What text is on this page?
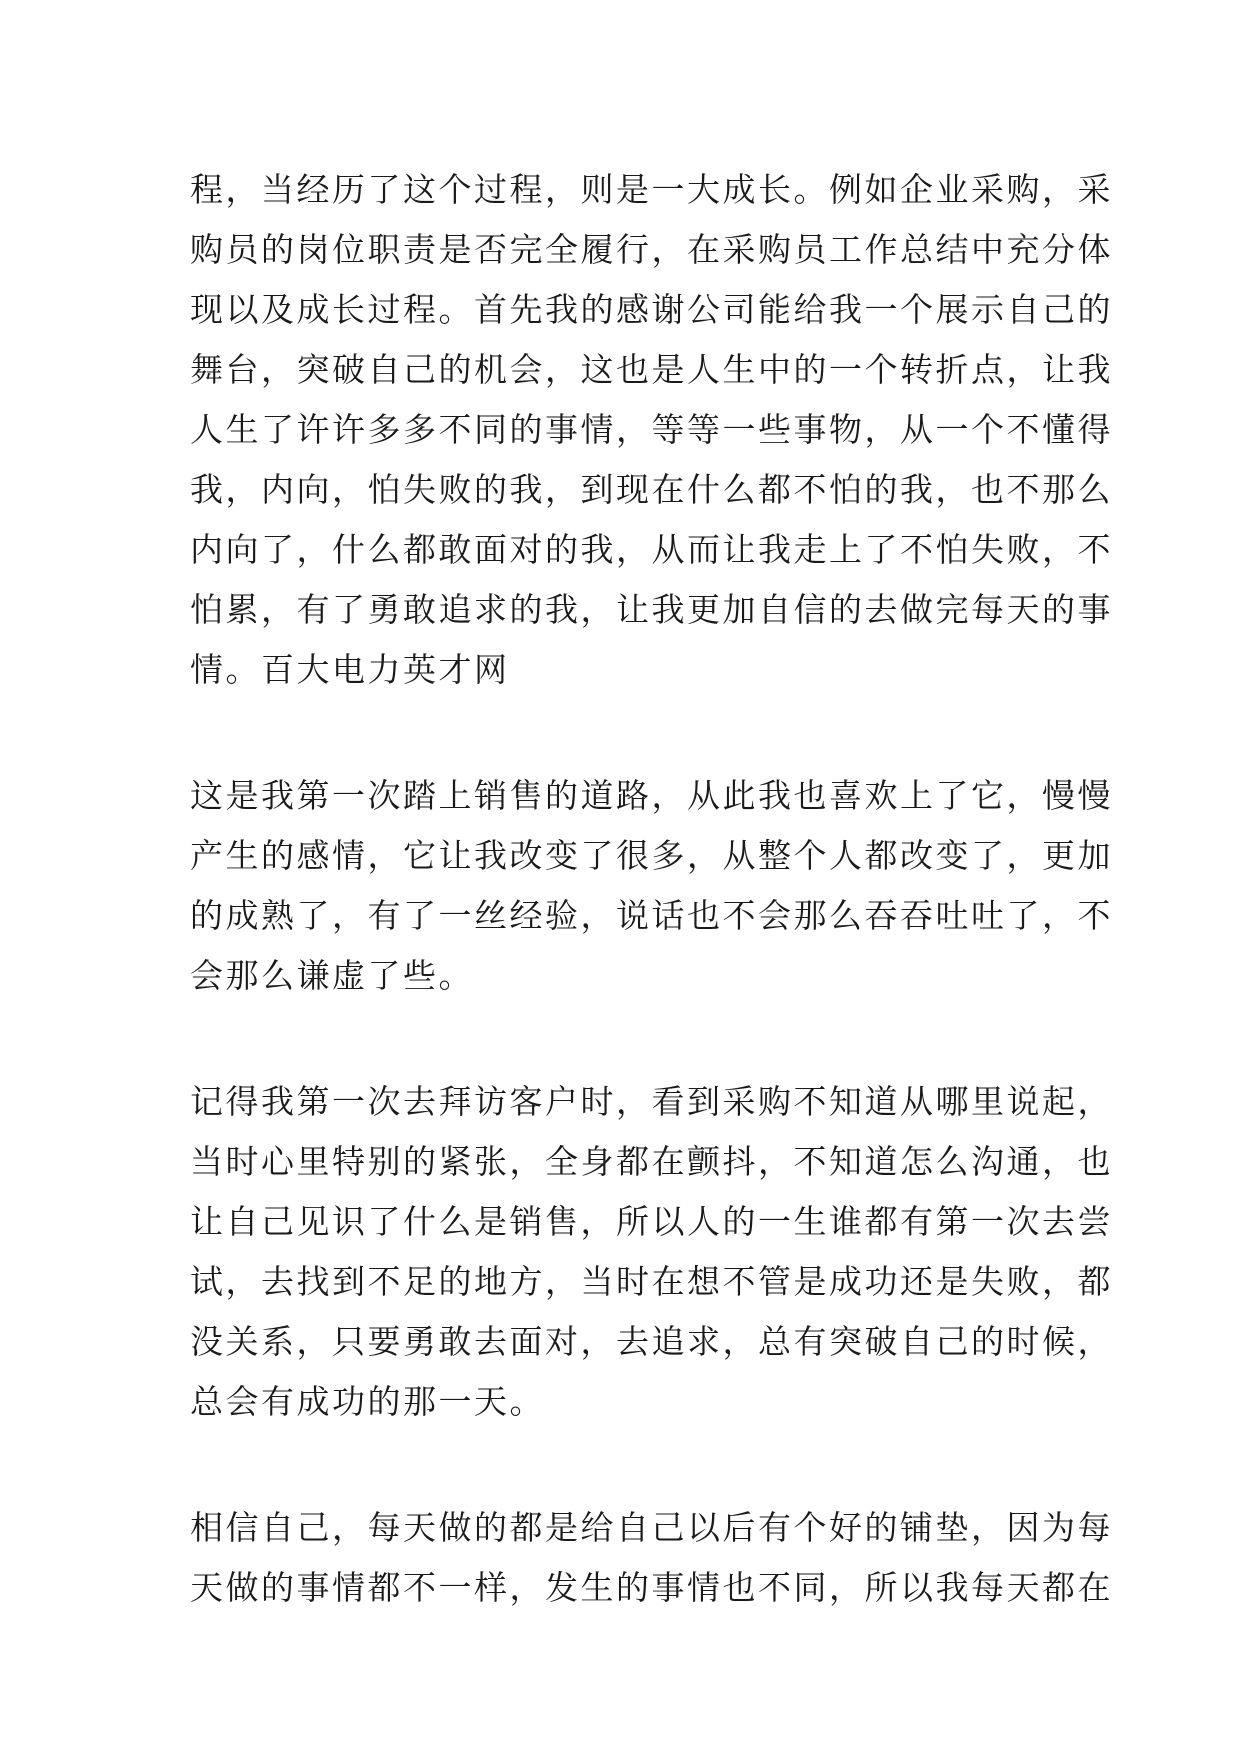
程，当经历了这个过程，则是一大成长。例如企业采购，采
购员的岗位职责是否完全履行，在采购员工作总结中充分体
现以及成长过程。首先我的感谢公司能给我一个展示自己的
舞台，突破自己的机会，这也是人生中的一个转折点，让我
人生了许许多多不同的事情，等等一些事物，从一个不懂得
我，内向，怕失败的我，到现在什么都不怕的我，也不那么
内向了，什么都敢面对的我，从而让我走上了不怕失败，不
怕累，有了勇敢追求的我，让我更加自信的去做完每天的事
情。百大电力英才网
这是我第一次踏上销售的道路，从此我也喜欢上了它，慢慢
产生的感情，它让我改变了很多，从整个人都改变了，更加
的成熟了，有了一丝经验，说话也不会那么吞吞吐吐了，不
会那么谦虚了些。
记得我第一次去拜访客户时，看到采购不知道从哪里说起，
当时心里特别的紧张，全身都在颤抖，不知道怎么沟通，也
让自己见识了什么是销售，所以人的一生谁都有第一次去尝
试，去找到不足的地方，当时在想不管是成功还是失败，都
没关系，只要勇敢去面对，去追求，总有突破自己的时候，
总会有成功的那一天。
相信自己，每天做的都是给自己以后有个好的铺垫，因为每
天做的事情都不一样，发生的事情也不同，所以我每天都在
